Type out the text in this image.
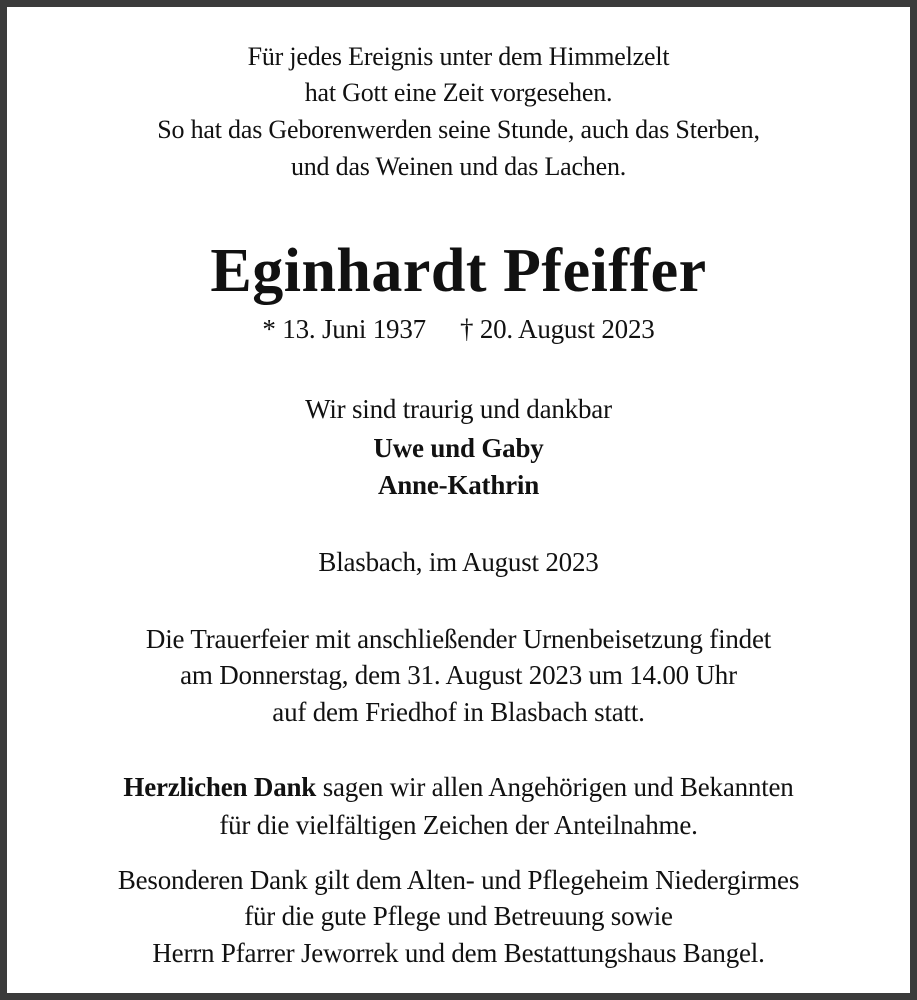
Für jedes Ereignis unter dem Himmelzelt
hat Gott eine Zeit vorgesehen.
So hat das Geborenwerden seine Stunde, auch das Sterben,
und das Weinen und das Lachen.
Eginhardt Pfeiffer
* 13. Juni 1937 † 20. August 2023
Wir sind traurig und dankbar
Uwe und Gaby
Anne-Kathrin
Blasbach, im August 2023
Die Trauerfeier mit anschließender Urnenbeisetzung findet
am Donnerstag, dem 31. August 2023 um 14.00 Uhr
auf dem Friedhof in Blasbach statt.
Herzlichen Dank sagen wir allen Angehörigen und Bekannten
für die vielfältigen Zeichen der Anteilnahme.
Besonderen Dank gilt dem Alten- und Pflegeheim Niedergirmes
für die gute Pflege und Betreuung sowie
Herrn Pfarrer Jeworrek und dem Bestattungshaus Bangel.
